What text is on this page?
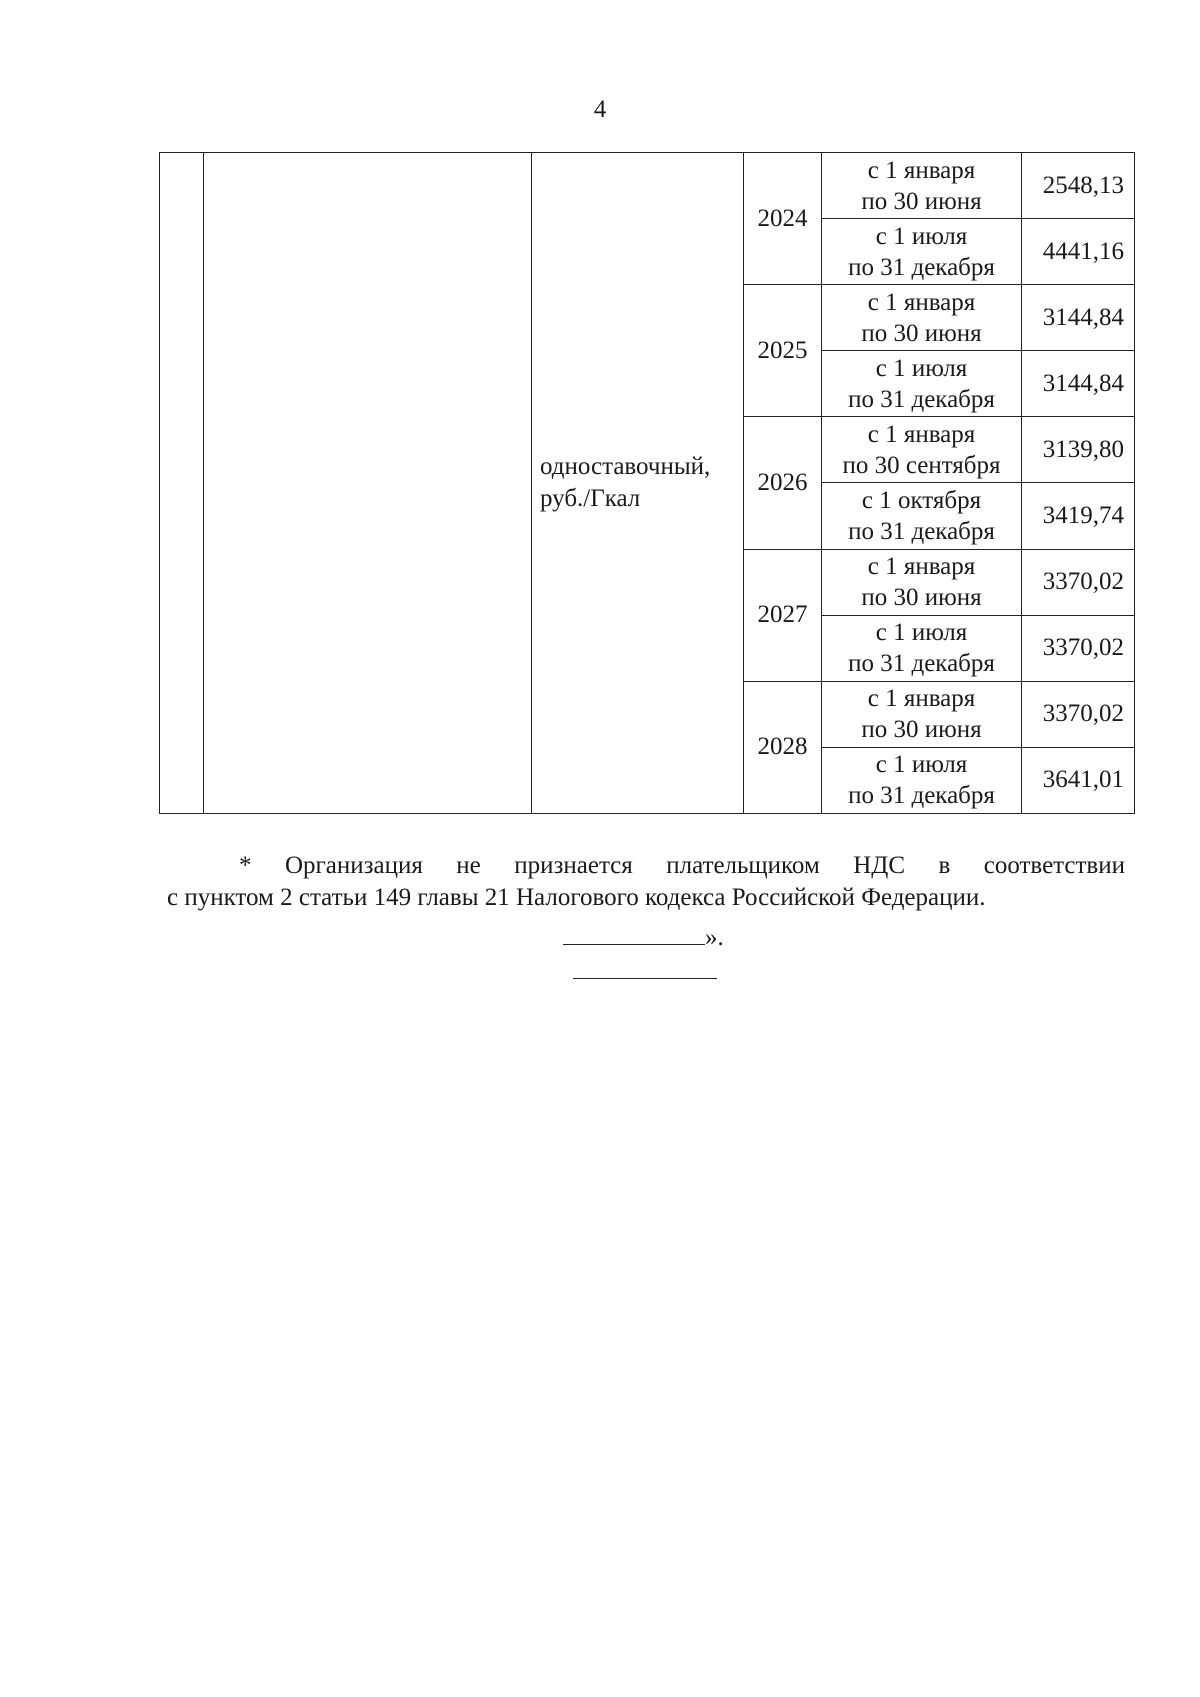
4

		одноставочный,
руб./Гкал	2024	с 1 января
по 30 июня	2548,13

				с 1 июля
по 31 декабря	4441,16
			2025	с 1 января
по 30 июня	3144,84

				с 1 июля
по 31 декабря	3144,84
			2026	с 1 января
по 30 сентября	3139,80

				с 1 октября
по 31 декабря	3419,74
			2027	с 1 января
по 30 июня	3370,02

				с 1 июля
по 31 декабря	3370,02
			2028	с 1 января
по 30 июня	3370,02

				с 1 июля
по 31 декабря	3641,01
* Организация не признается плательщиком НДС в соответствии
с пунктом 2 статьи 149 главы 21 Налогового кодекса Российской Федерации.
».
